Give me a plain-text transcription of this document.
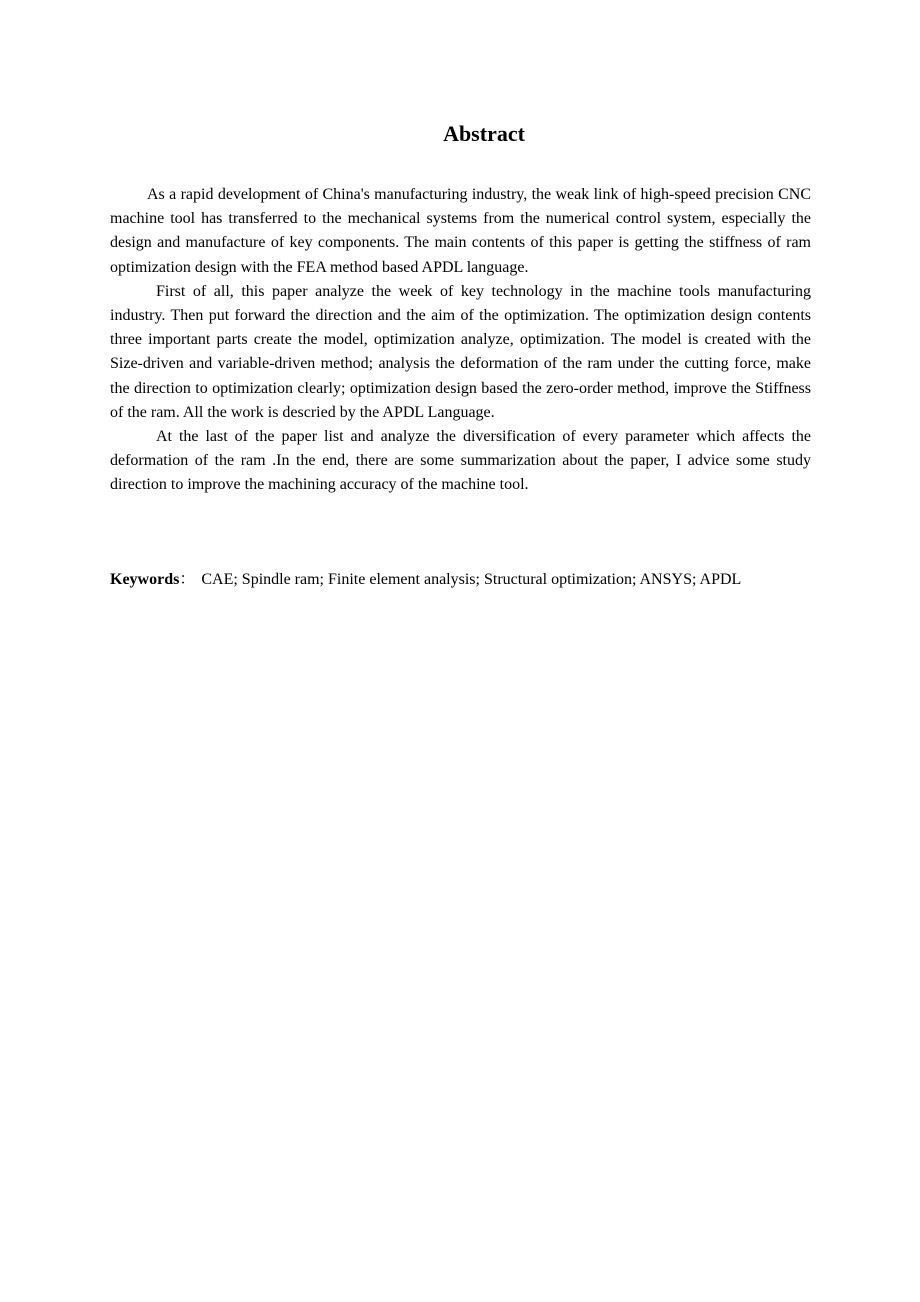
Abstract

As a rapid development of China's manufacturing industry, the weak link of high-speed precision CNC machine tool has transferred to the mechanical systems from the numerical control system, especially the design and manufacture of key components. The main contents of this paper is getting the stiffness of ram optimization design with the FEA method based APDL language.

First of all, this paper analyze the week of key technology in the machine tools manufacturing industry. Then put forward the direction and the aim of the optimization. The optimization design contents three important parts create the model, optimization analyze, optimization. The model is created with the Size-driven and variable-driven method; analysis the deformation of the ram under the cutting force, make the direction to optimization clearly; optimization design based the zero-order method, improve the Stiffness of the ram. All the work is descried by the APDL Language.

At the last of the paper list and analyze the diversification of every parameter which affects the deformation of the ram .In the end, there are some summarization about the paper, I advice some study direction to improve the machining accuracy of the machine tool.

Keywords： CAE; Spindle ram; Finite element analysis; Structural optimization; ANSYS; APDL
